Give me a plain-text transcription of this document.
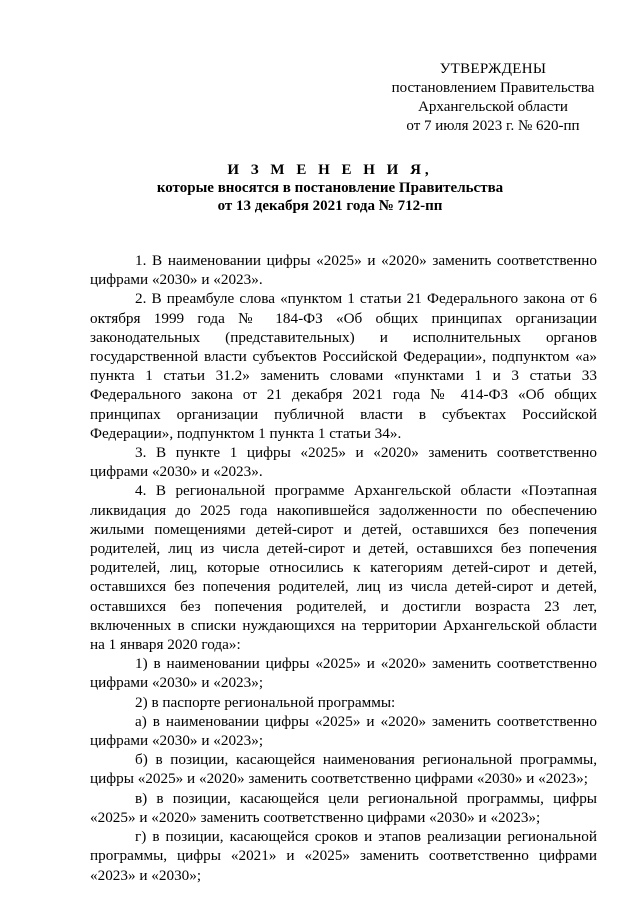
УТВЕРЖДЕНЫ
постановлением Правительства
Архангельской области
от 7 июля 2023 г. № 620-пп
И З М Е Н Е Н И Я,
которые вносятся в постановление Правительства
от 13 декабря 2021 года № 712-пп

1. В наименовании цифры «2025» и «2020» заменить соответственно цифрами «2030» и «2023».

2. В преамбуле слова «пунктом 1 статьи 21 Федерального закона от 6 октября 1999 года № 184-ФЗ «Об общих принципах организации законодательных (представительных) и исполнительных органов государственной власти субъектов Российской Федерации», подпунктом «а» пункта 1 статьи 31.2» заменить словами «пунктами 1 и 3 статьи 33 Федерального закона от 21 декабря 2021 года № 414-ФЗ «Об общих принципах организации публичной власти в субъектах Российской Федерации», подпунктом 1 пункта 1 статьи 34».

3. В пункте 1 цифры «2025» и «2020» заменить соответственно цифрами «2030» и «2023».

4. В региональной программе Архангельской области «Поэтапная ликвидация до 2025 года накопившейся задолженности по обеспечению жилыми помещениями детей-сирот и детей, оставшихся без попечения родителей, лиц из числа детей-сирот и детей, оставшихся без попечения родителей, лиц, которые относились к категориям детей-сирот и детей, оставшихся без попечения родителей, лиц из числа детей-сирот и детей, оставшихся без попечения родителей, и достигли возраста 23 лет, включенных в списки нуждающихся на территории Архангельской области на 1 января 2020 года»:

1) в наименовании цифры «2025» и «2020» заменить соответственно цифрами «2030» и «2023»;

2) в паспорте региональной программы:

а) в наименовании цифры «2025» и «2020» заменить соответственно цифрами «2030» и «2023»;

б) в позиции, касающейся наименования региональной программы, цифры «2025» и «2020» заменить соответственно цифрами «2030» и «2023»;

в) в позиции, касающейся цели региональной программы, цифры «2025» и «2020» заменить соответственно цифрами «2030» и «2023»;

г) в позиции, касающейся сроков и этапов реализации региональной программы, цифры «2021» и «2025» заменить соответственно цифрами «2023» и «2030»;
